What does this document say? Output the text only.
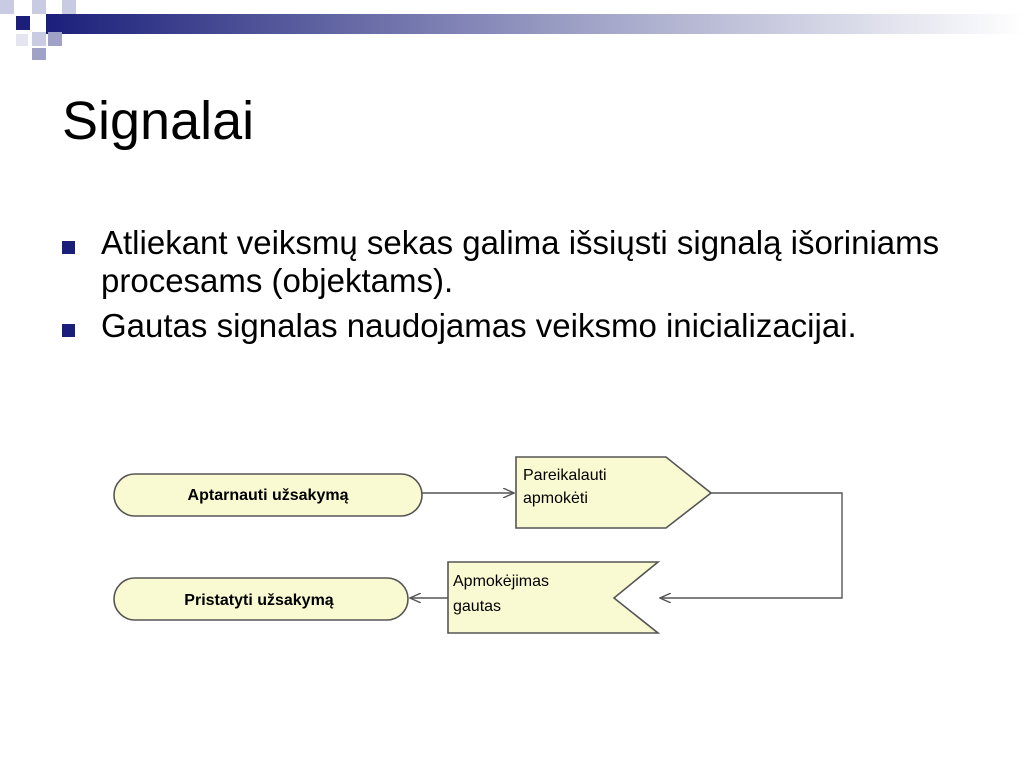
Signalai
Atliekant veiksmų sekas galima išsiųsti signalą išoriniams procesams (objektams).
Gautas signalas naudojamas veiksmo inicializacijai.
Aptarnauti užsakymą
Pareikalauti
apmokėti
Apmokėjimas
gautas
Pristatyti užsakymą
